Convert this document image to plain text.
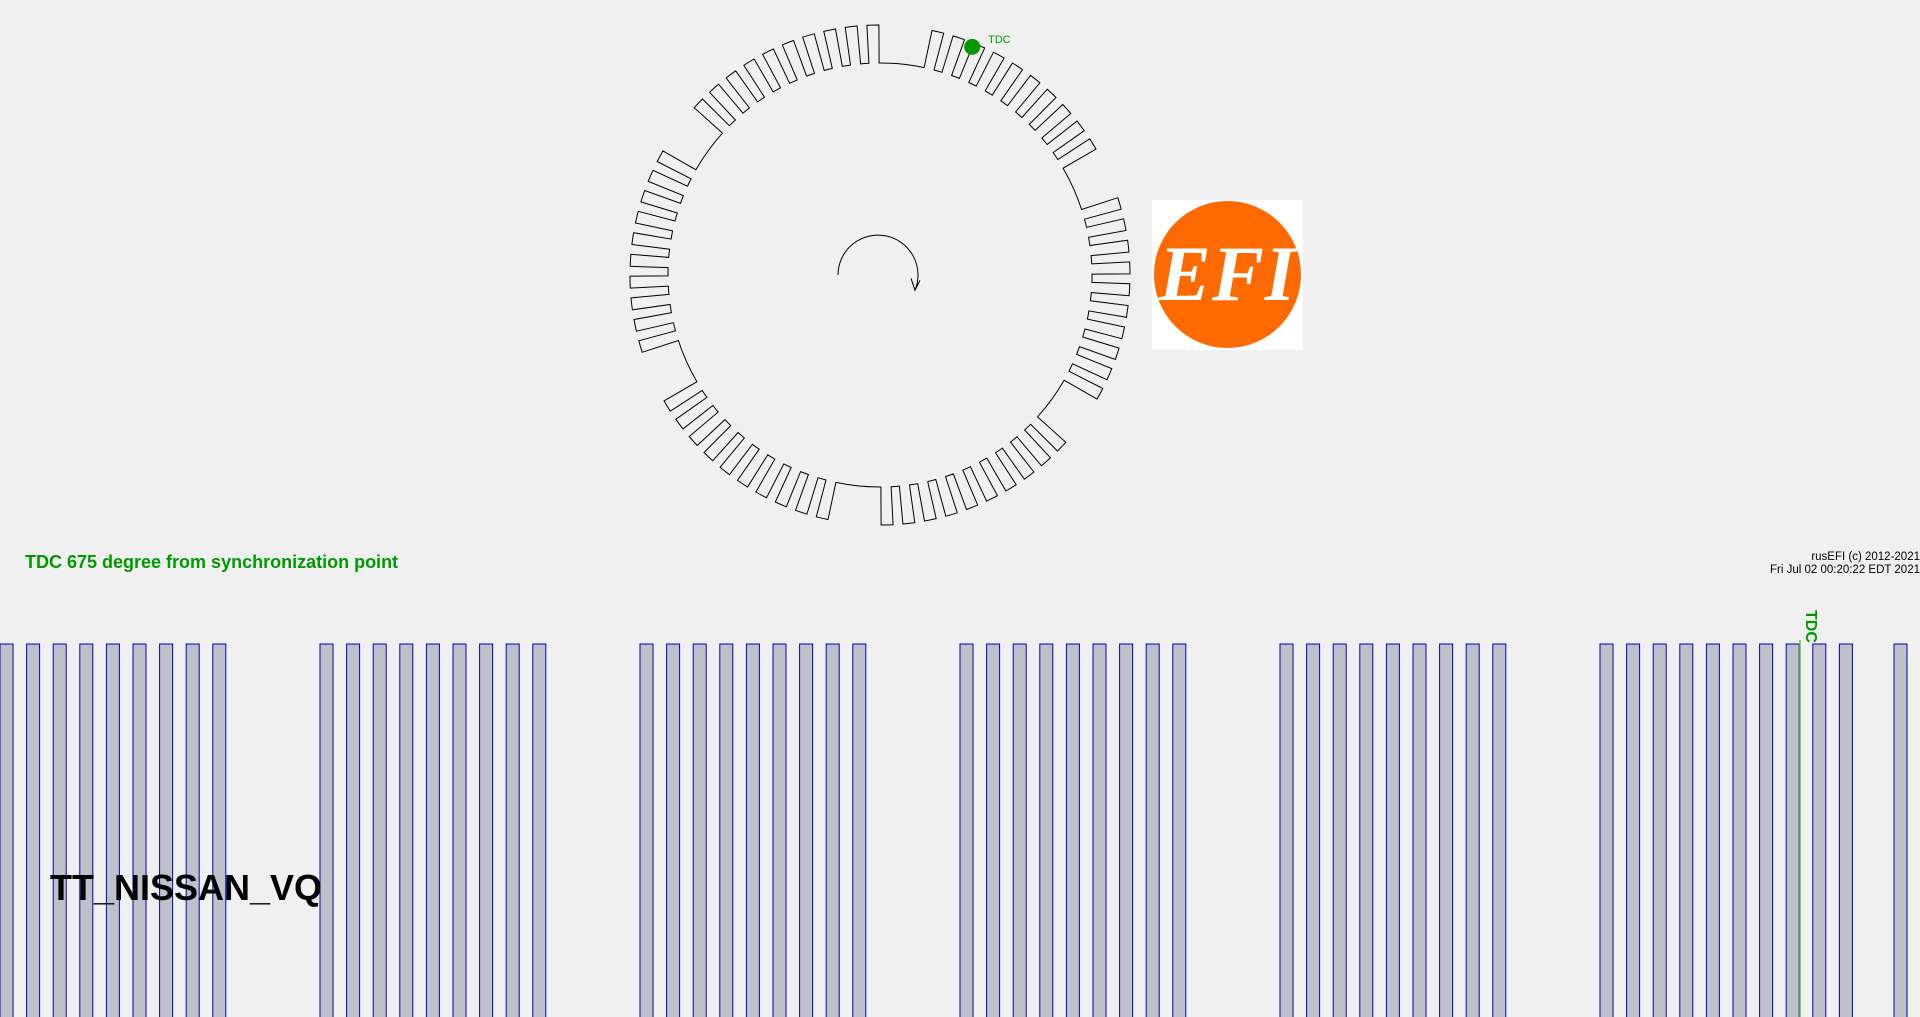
TDC
EFI
TDC 675 degree from synchronization point	rusEFI (c) 2012-2021
Fri Jul 02 00:20:22 EDT 2021
TDC
TT_NISSAN_VQ
